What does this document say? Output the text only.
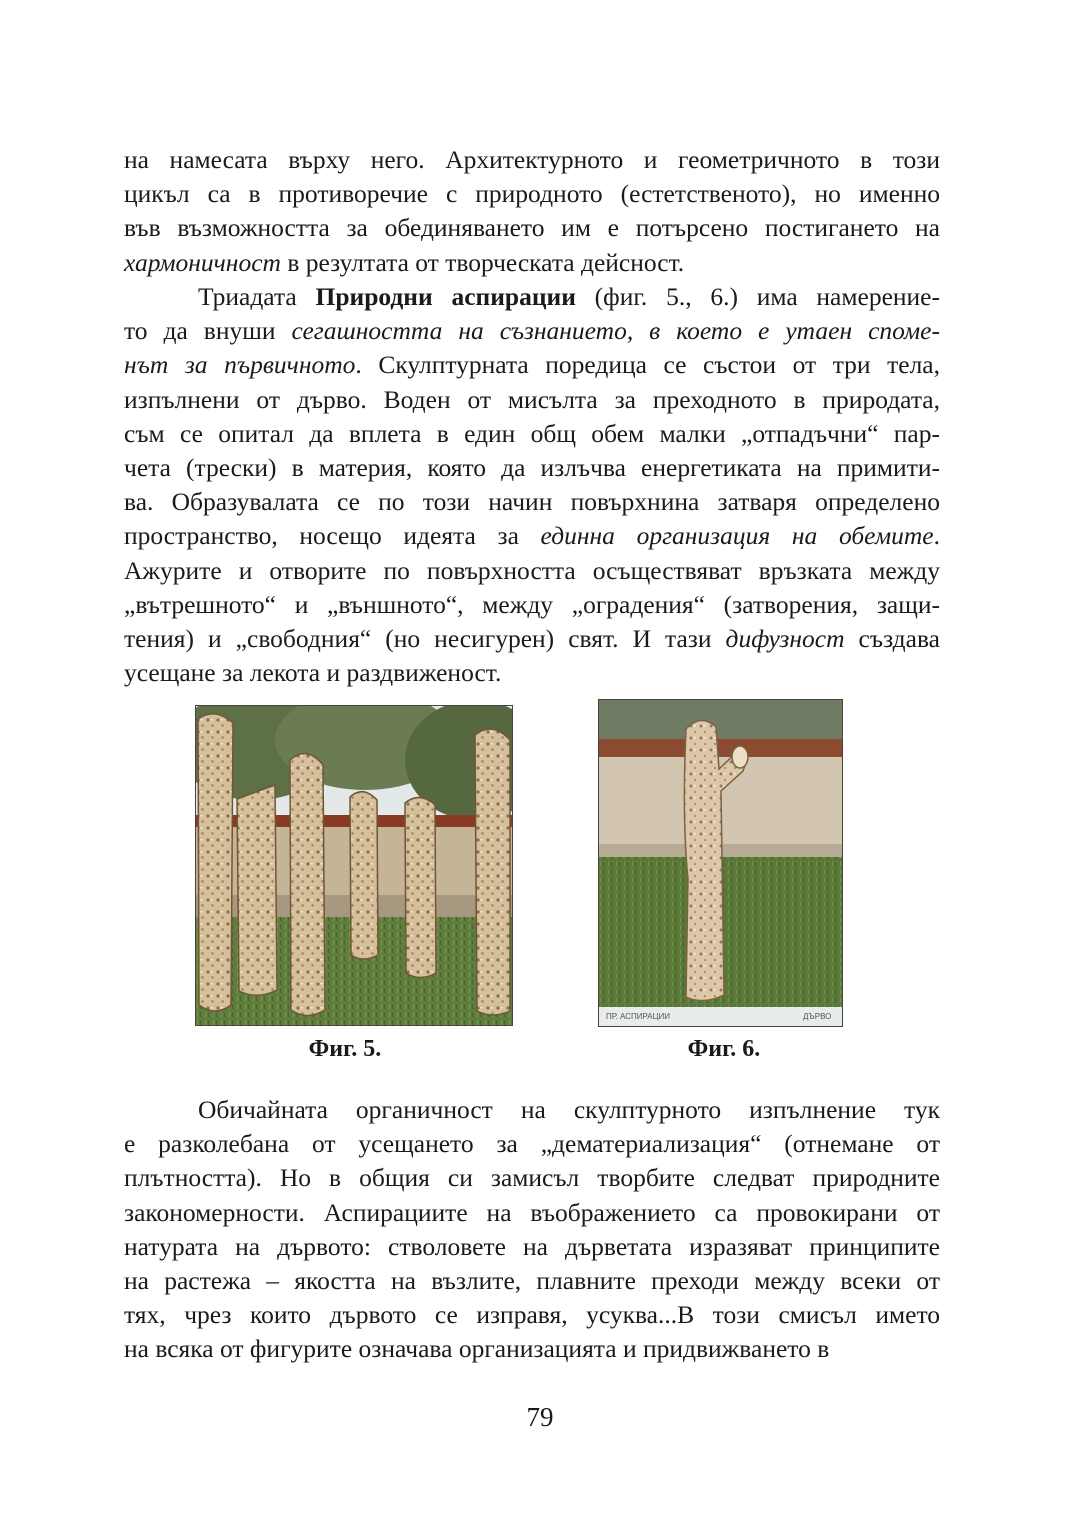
на намесата върху него. Архитектурното и геометричното в този
цикъл са в противоречие с природното (естетственото), но именно
във възможността за обединяването им е потърсено постигането на
хармоничност в резултата от творческата дейсност.

Триадата Природни аспирации (фиг. 5., 6.) има намерение-
то да внуши сегашността на съзнанието, в което е утаен споме-
нът за първичното. Скулптурната поредица се състои от три тела,
изпълнени от дърво. Воден от мисълта за преходното в природата,
съм се опитал да вплета в един общ обем малки „отпадъчни“ пар-
чета (трески) в материя, която да излъчва енергетиката на примити-
ва. Образувалата се по този начин повърхнина затваря определено
пространство, носещо идеята за единна организация на обемите.
Ажурите и отворите по повърхността осъществяват връзката между
„вътрешното“ и „външното“, между „оградения“ (затворения, защи-
тения) и „свободния“ (но несигурен) свят. И тази дифузност създава
усещане за лекота и раздвиженост.

Фиг. 5.
ПР. АСПИРАЦИИ	ДЪРВО
Фиг. 6.

Обичайната органичност на скулптурното изпълнение тук
е разколебана от усещането за „дематериализация“ (отнемане от
плътността). Но в общия си замисъл творбите следват природните
закономерности. Аспирациите на въображението са провокирани от
натурата на дървото: стволовете на дърветата изразяват принципите
на растежа – якостта на възлите, плавните преходи между всеки от
тях, чрез които дървото се изправя, усуква...В този смисъл името
на всяка от фигурите означава организацията и придвижването в

79
